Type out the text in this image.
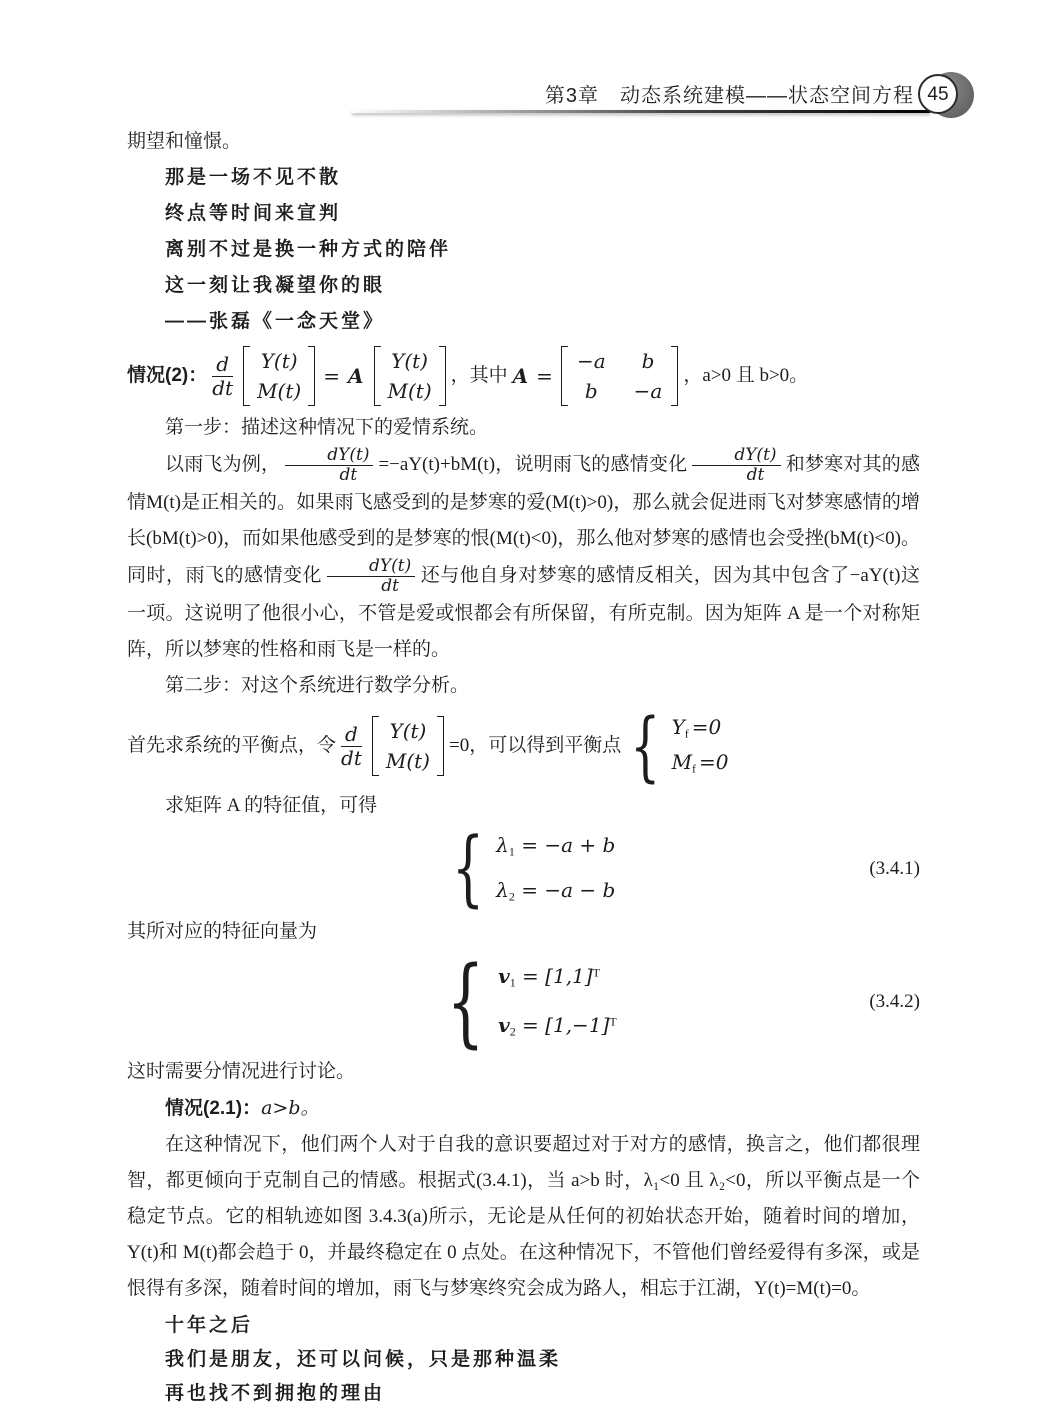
第3章　动态系统建模——状态空间方程 45

期望和憧憬。

那是一场不见不散

终点等时间来宣判

离别不过是换一种方式的陪伴

这一刻让我凝望你的眼

——张磊《一念天堂》

情况(2)： $\frac{d}{dt} Y(t)$
M(t)
= A
Y(t)
M(t)
，其中 A =
−a	b
b	−a
，a>0 且 b>0。

第一步：描述这种情况下的爱情系统。

以雨飞为例， $\frac{dY(t)}{dt} =-aY(t)+bM(t)$，说明雨飞的感情变化 $\frac{dY(t)}{dt}$ 和梦寒对其的感情M(t)是正相关的。如果雨飞感受到的是梦寒的爱(M(t)>0)，那么就会促进雨飞对梦寒感情的增长(bM(t)>0)，而如果他感受到的是梦寒的恨(M(t)<0)，那么他对梦寒的感情也会受挫(bM(t)<0)。同时，雨飞的感情变化 $\frac{dY(t)}{dt}$ 还与他自身对梦寒的感情反相关，因为其中包含了−aY(t)这一项。这说明了他很小心，不管是爱或恨都会有所保留，有所克制。因为矩阵 A 是一个对称矩阵，所以梦寒的性格和雨飞是一样的。

第二步：对这个系统进行数学分析。

首先求系统的平衡点，令 $\frac{d}{dt} Y(t)$
M(t)
=0，可以得到平衡点 { $Y_f =0$
$M_f =0$

求矩阵 A 的特征值，可得

{ $\lambda_1 = -a + b$
$\lambda_2 = -a - b$
(3.4.1)

其所对应的特征向量为

{ $v_1 = [1,1]^T$
$v_2 = [1,-1]^T$
(3.4.2)

这时需要分情况进行讨论。

情况(2.1)：a>b。

在这种情况下，他们两个人对于自我的意识要超过对于对方的感情，换言之，他们都很理智，都更倾向于克制自己的情感。根据式(3.4.1)，当 a>b 时，λ₁<0 且 λ₂<0，所以平衡点是一个稳定节点。它的相轨迹如图 3.4.3(a)所示，无论是从任何的初始状态开始，随着时间的增加，Y(t)和 M(t)都会趋于 0，并最终稳定在 0 点处。在这种情况下，不管他们曾经爱得有多深，或是恨得有多深，随着时间的增加，雨飞与梦寒终究会成为路人，相忘于江湖，Y(t)=M(t)=0。

十年之后

我们是朋友，还可以问候，只是那种温柔

再也找不到拥抱的理由
